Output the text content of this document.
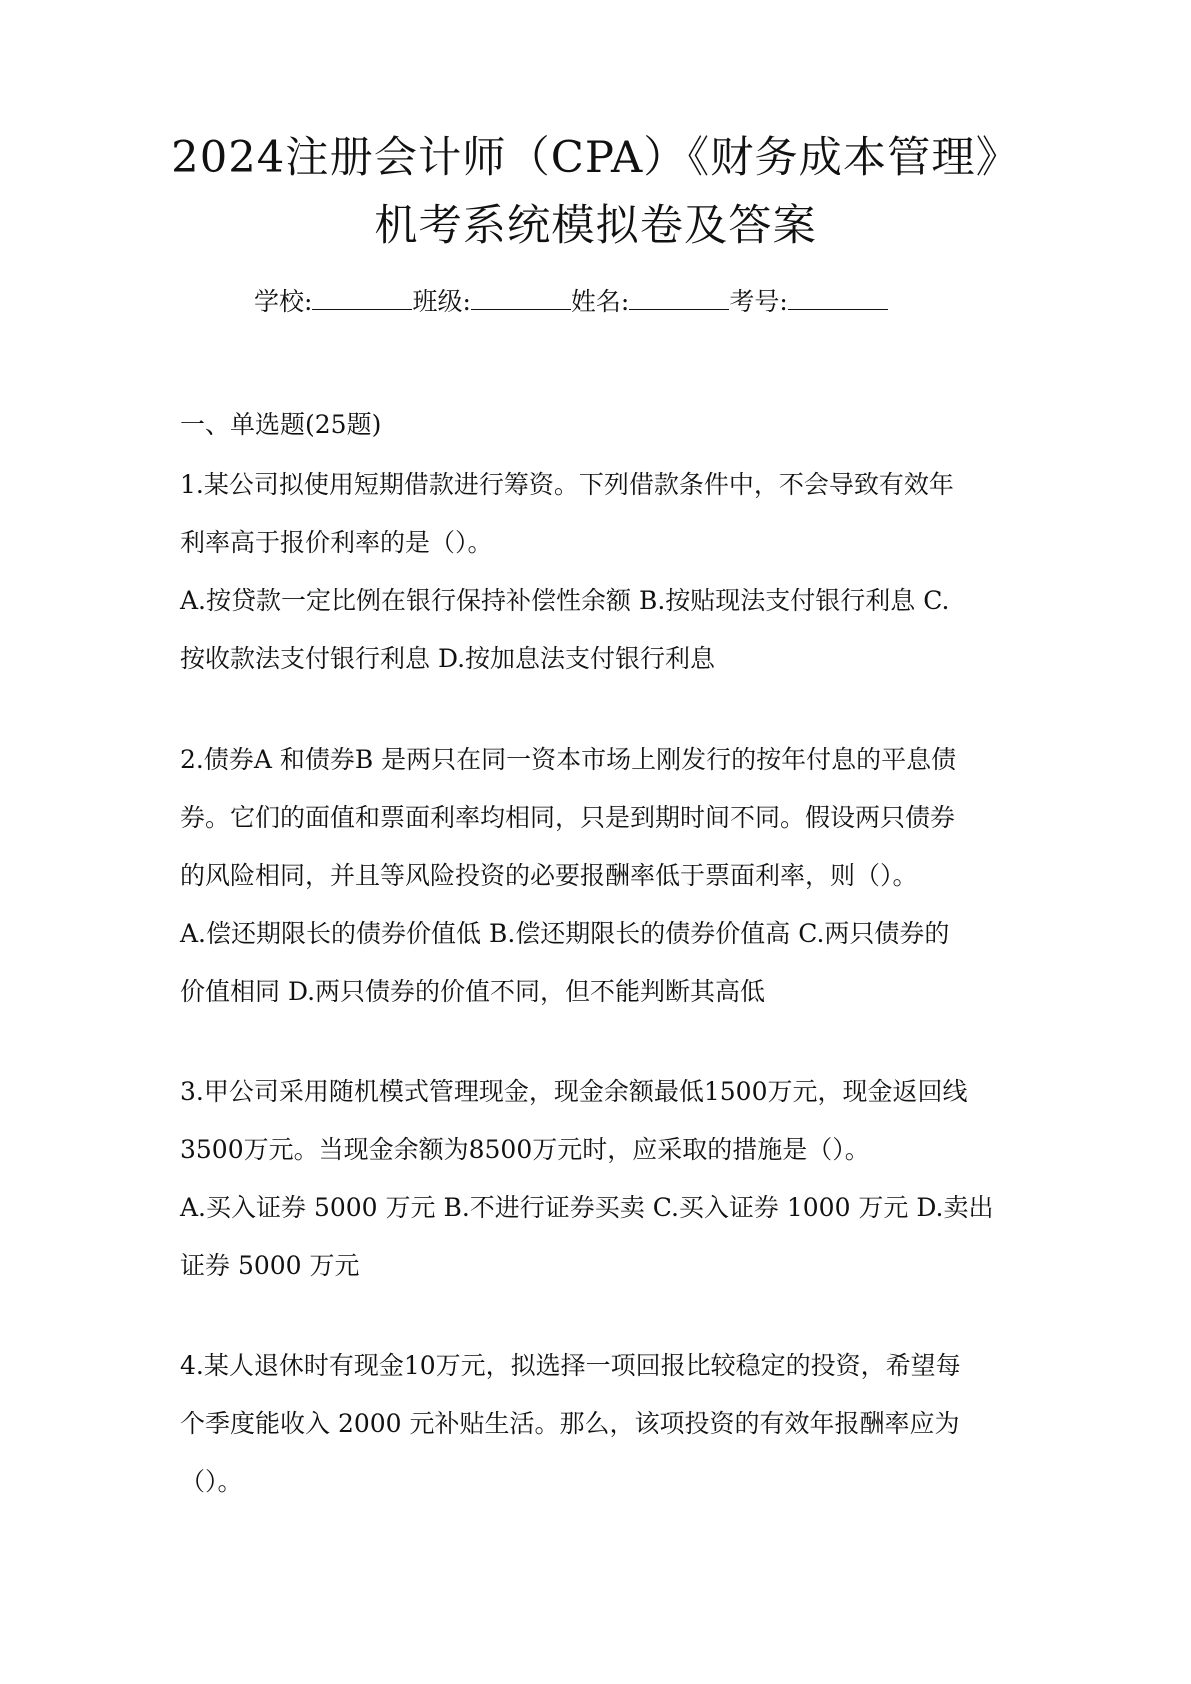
2024注册会计师（CPA）《财务成本管理》
机考系统模拟卷及答案
学校:	班级:	姓名:	考号:
一、单选题(25题)
1.某公司拟使用短期借款进行筹资。下列借款条件中，不会导致有效年
利率高于报价利率的是（）。
A.按贷款一定比例在银行保持补偿性余额 B.按贴现法支付银行利息 C.
按收款法支付银行利息 D.按加息法支付银行利息
2.债券A 和债券B 是两只在同一资本市场上刚发行的按年付息的平息债
券。它们的面值和票面利率均相同，只是到期时间不同。假设两只债券
的风险相同，并且等风险投资的必要报酬率低于票面利率，则（）。
A.偿还期限长的债券价值低 B.偿还期限长的债券价值高 C.两只债券的
价值相同 D.两只债券的价值不同，但不能判断其高低
3.甲公司采用随机模式管理现金，现金余额最低1500万元，现金返回线
3500万元。当现金余额为8500万元时，应采取的措施是（）。
A.买入证券 5000 万元 B.不进行证券买卖 C.买入证券 1000 万元 D.卖出
证券 5000 万元
4.某人退休时有现金10万元，拟选择一项回报比较稳定的投资，希望每
个季度能收入 2000 元补贴生活。那么，该项投资的有效年报酬率应为
（）。
